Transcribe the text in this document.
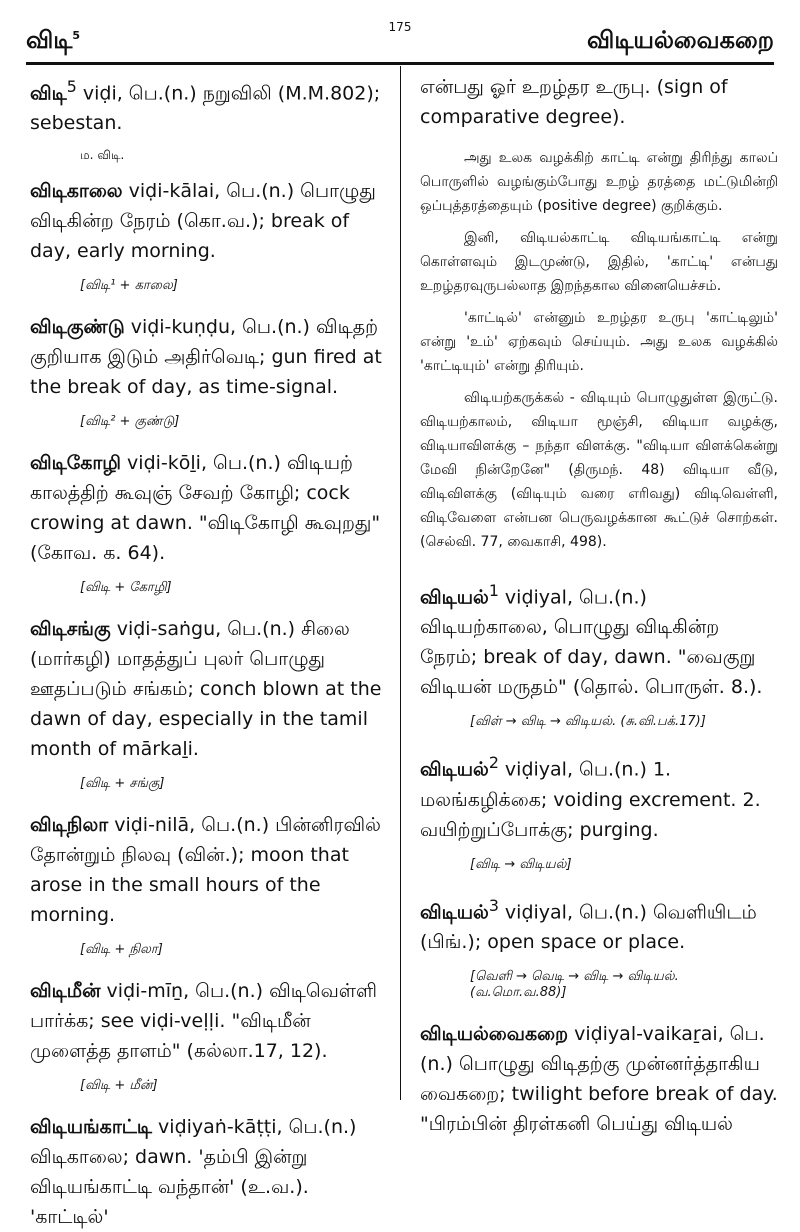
விடி$^5$
175	விடியல்வைகறை

விடி$^5$ viḍi, பெ.(n.) நறுவிலி (M.M.802); sebestan.

ம. விடி.

விடிகாலை viḍi-kālai, பெ.(n.) பொழுது விடிகின்ற நேரம் (கொ.வ.); break of day, early morning.

[விடி¹ + காலை]

விடிகுண்டு viḍi-kuṇḍu, பெ.(n.) விடிதற் குறியாக இடும் அதிர்வெடி; gun fired at the break of day, as time-signal.

[விடி² + குண்டு]

விடிகோழி viḍi-kōḻi, பெ.(n.) விடியற் காலத்திற் கூவுஞ் சேவற் கோழி; cock crowing at dawn. "விடிகோழி கூவுறது" (கோவ. க. 64).

[விடி + கோழி]

விடிசங்கு viḍi-saṅgu, பெ.(n.) சிலை (மார்கழி) மாதத்துப் புலர் பொழுது ஊதப்படும் சங்கம்; conch blown at the dawn of day, especially in the tamil month of mārkaḻi.

[விடி + சங்கு]

விடிநிலா viḍi-nilā, பெ.(n.) பின்னிரவில் தோன்றும் நிலவு (வின்.); moon that arose in the small hours of the morning.

[விடி + நிலா]

விடிமீன் viḍi-mīṉ, பெ.(n.) விடிவெள்ளி பார்க்க; see viḍi-veḷḷi. "விடிமீன் முளைத்த தாளம்" (கல்லா.17, 12).

[விடி + மீன்]

விடியங்காட்டி viḍiyaṅ-kāṭṭi, பெ.(n.) விடிகாலை; dawn. 'தம்பி இன்று விடியங்காட்டி வந்தான்' (உ.வ.). 'காட்டில்'

என்பது ஓர் உறழ்தர உருபு. (sign of comparative degree).

அது உலக வழக்கிற் காட்டி என்று திரிந்து காலப் பொருளில் வழங்கும்போது உறழ் தரத்தை மட்டுமின்றி ஒப்புத்தரத்தையும் (positive degree) குறிக்கும்.

இனி, விடியல்காட்டி விடியங்காட்டி என்று கொள்ளவும் இடமுண்டு, இதில், 'காட்டி' என்பது உறழ்தரவுருபல்லாத இறந்தகால வினையெச்சம்.

'காட்டில்' என்னும் உறழ்தர உருபு 'காட்டிலும்' என்று 'உம்' ஏற்கவும் செய்யும். அது உலக வழக்கில் 'காட்டியும்' என்று திரியும்.

விடியற்கருக்கல் - விடியும் பொழுதுள்ள இருட்டு. விடியற்காலம், விடியா மூஞ்சி, விடியா வழக்கு, விடியாவிளக்கு – நந்தா விளக்கு. "விடியா விளக்கென்று மேவி நின்றேனே" (திருமந். 48) விடியா வீடு, விடிவிளக்கு (விடியும் வரை எரிவது) விடிவெள்ளி, விடிவேளை என்பன பெருவழக்கான கூட்டுச் சொற்கள். (செல்வி. 77, வைகாசி, 498).

விடியல்$^1$ viḍiyal, பெ.(n.) விடியற்காலை, பொழுது விடிகின்ற நேரம்; break of day, dawn. "வைகுறு விடியன் மருதம்" (தொல். பொருள். 8.).

[விள் → விடி → விடியல். (சு.வி.பக்.17)]

விடியல்$^2$ viḍiyal, பெ.(n.) 1. மலங்கழிக்கை; voiding excrement. 2. வயிற்றுப்போக்கு; purging.

[விடி → விடியல்]

விடியல்$^3$ viḍiyal, பெ.(n.) வெளியிடம் (பிங்.); open space or place.

[வெளி → வெடி → விடி → விடியல். (வ.மொ.வ.88)]

விடியல்வைகறை viḍiyal-vaikaṟai, பெ.(n.) பொழுது விடிதற்கு முன்னர்த்தாகிய வைகறை; twilight before break of day. "பிரம்பின் திரள்கனி பெய்து விடியல்
